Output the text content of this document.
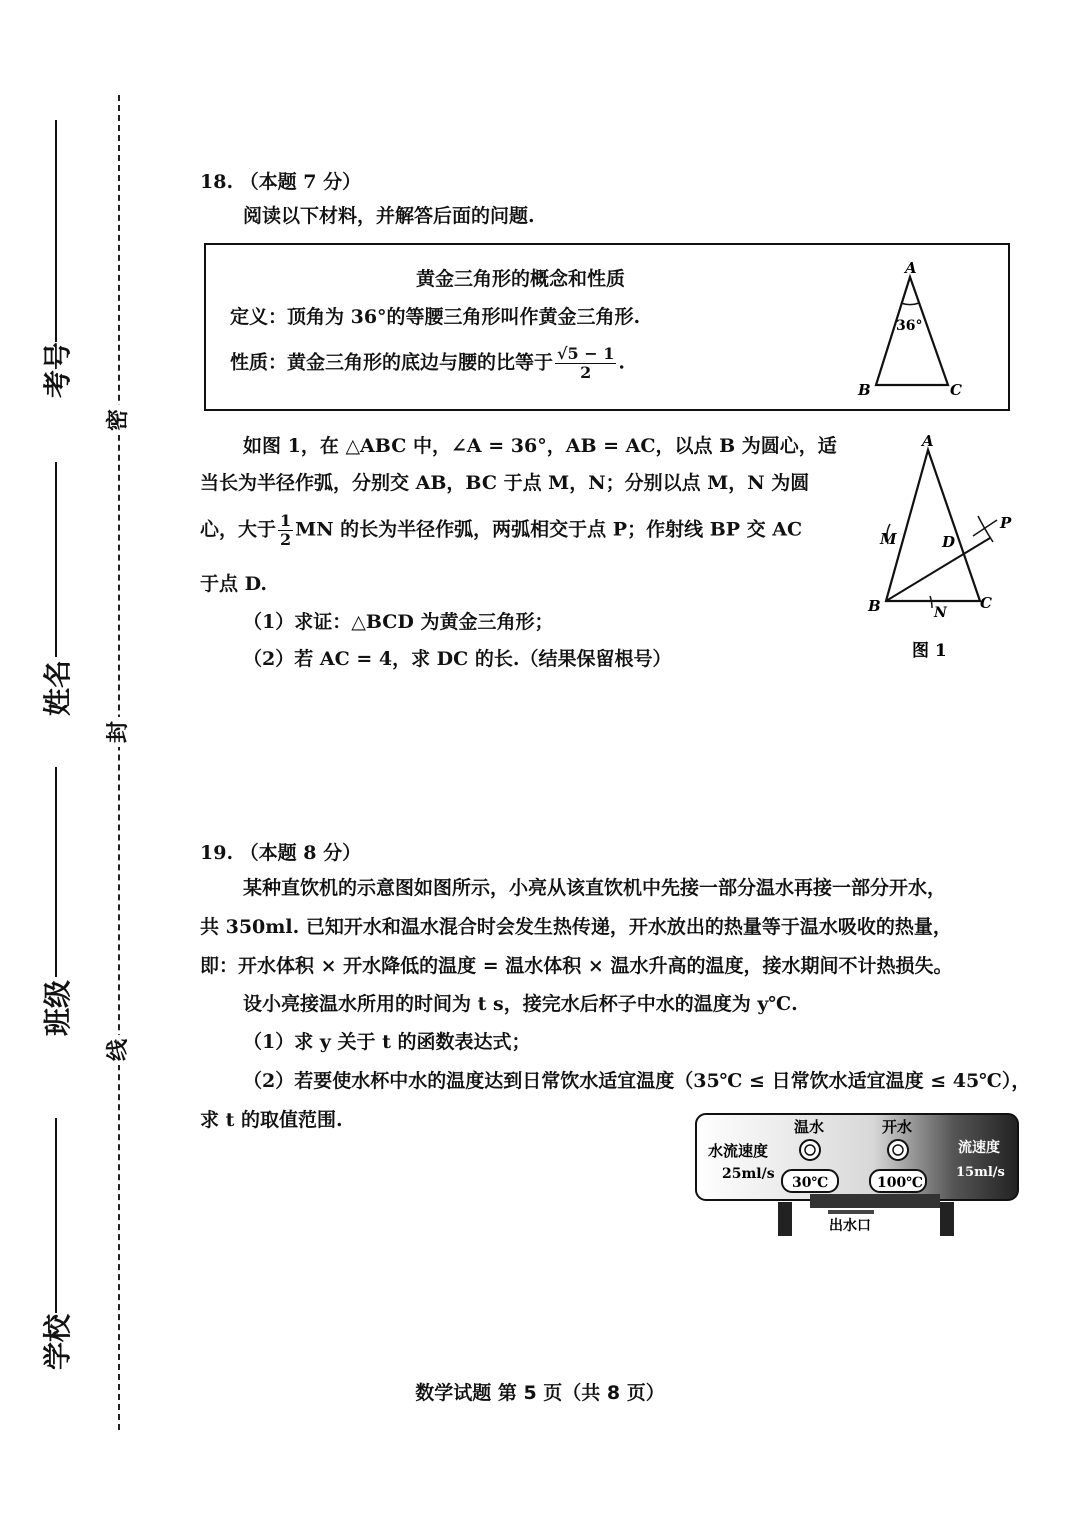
考号
姓名
班级
学校
密
封
线
18. （本题 7 分）
阅读以下材料，并解答后面的问题.
黄金三角形的概念和性质
定义：顶角为 36°的等腰三角形叫作黄金三角形.
性质：黄金三角形的底边与腰的比等于 $\frac{√5 - 1}{2}$ .
A
B	C
36°
如图 1，在 △ABC 中，∠A = 36°，AB = AC，以点 B 为圆心，适
当长为半径作弧，分别交 AB，BC 于点 M，N；分别以点 M，N 为圆
心，大于 $\frac{1}{2}$ MN 的长为半径作弧，两弧相交于点 P；作射线 BP 交 AC
于点 D.
（1）求证：△BCD 为黄金三角形；
（2）若 AC = 4，求 DC 的长.（结果保留根号）
A
B	C
M
N
D
P
图 1
19. （本题 8 分）
某种直饮机的示意图如图所示，小亮从该直饮机中先接一部分温水再接一部分开水，
共 350ml. 已知开水和温水混合时会发生热传递，开水放出的热量等于温水吸收的热量，
即：开水体积 × 开水降低的温度 = 温水体积 × 温水升高的温度，接水期间不计热损失。
设小亮接温水所用的时间为 t s，接完水后杯子中水的温度为 y℃.
（1）求 y 关于 t 的函数表达式；
（2）若要使水杯中水的温度达到日常饮水适宜温度（35℃ ≤ 日常饮水适宜温度 ≤ 45℃），
求 t 的取值范围.	温水	开水
水流速度
25ml/s
流速度
15ml/s
30℃	100℃
出水口
数学试题 第 5 页（共 8 页）
